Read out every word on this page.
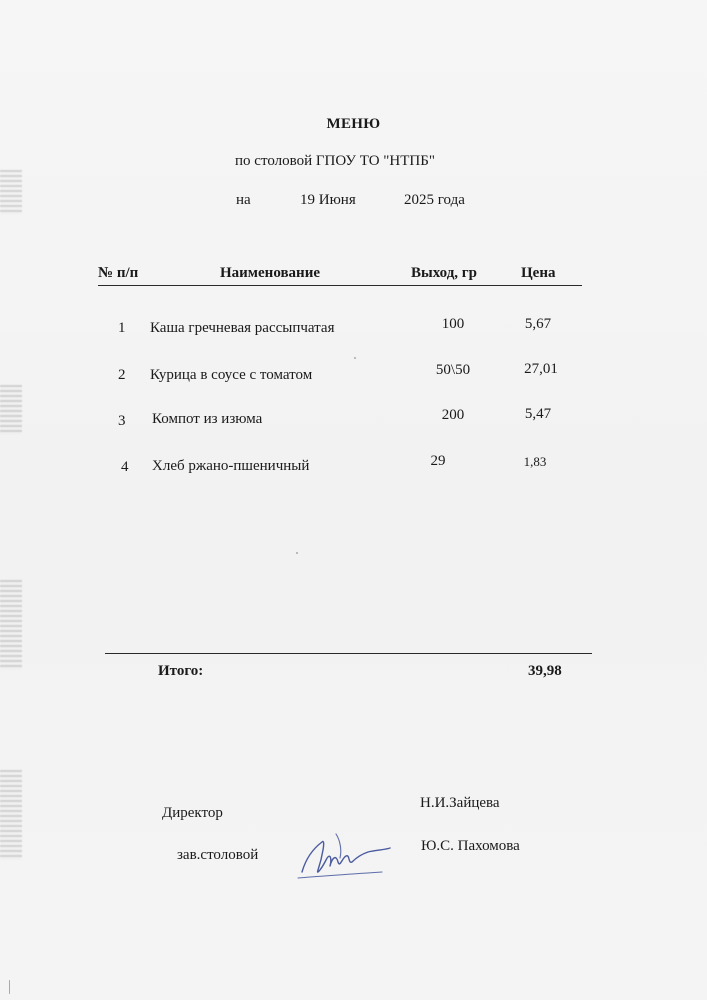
МЕНЮ
по столовой ГПОУ ТО "НТПБ"
на	19 Июня	2025 года
№ п/п	Наименование	Выход, гр	Цена
1 Каша гречневая рассыпчатая	100	5,67
2 Курица в соусе с томатом	50\50	27,01
3 Компот из изюма	200	5,47
4 Хлеб ржано-пшеничный	29	1,83
Итого:	39,98
Директор
Н.И.Зайцева
зав.столовой
Ю.С. Пахомова
